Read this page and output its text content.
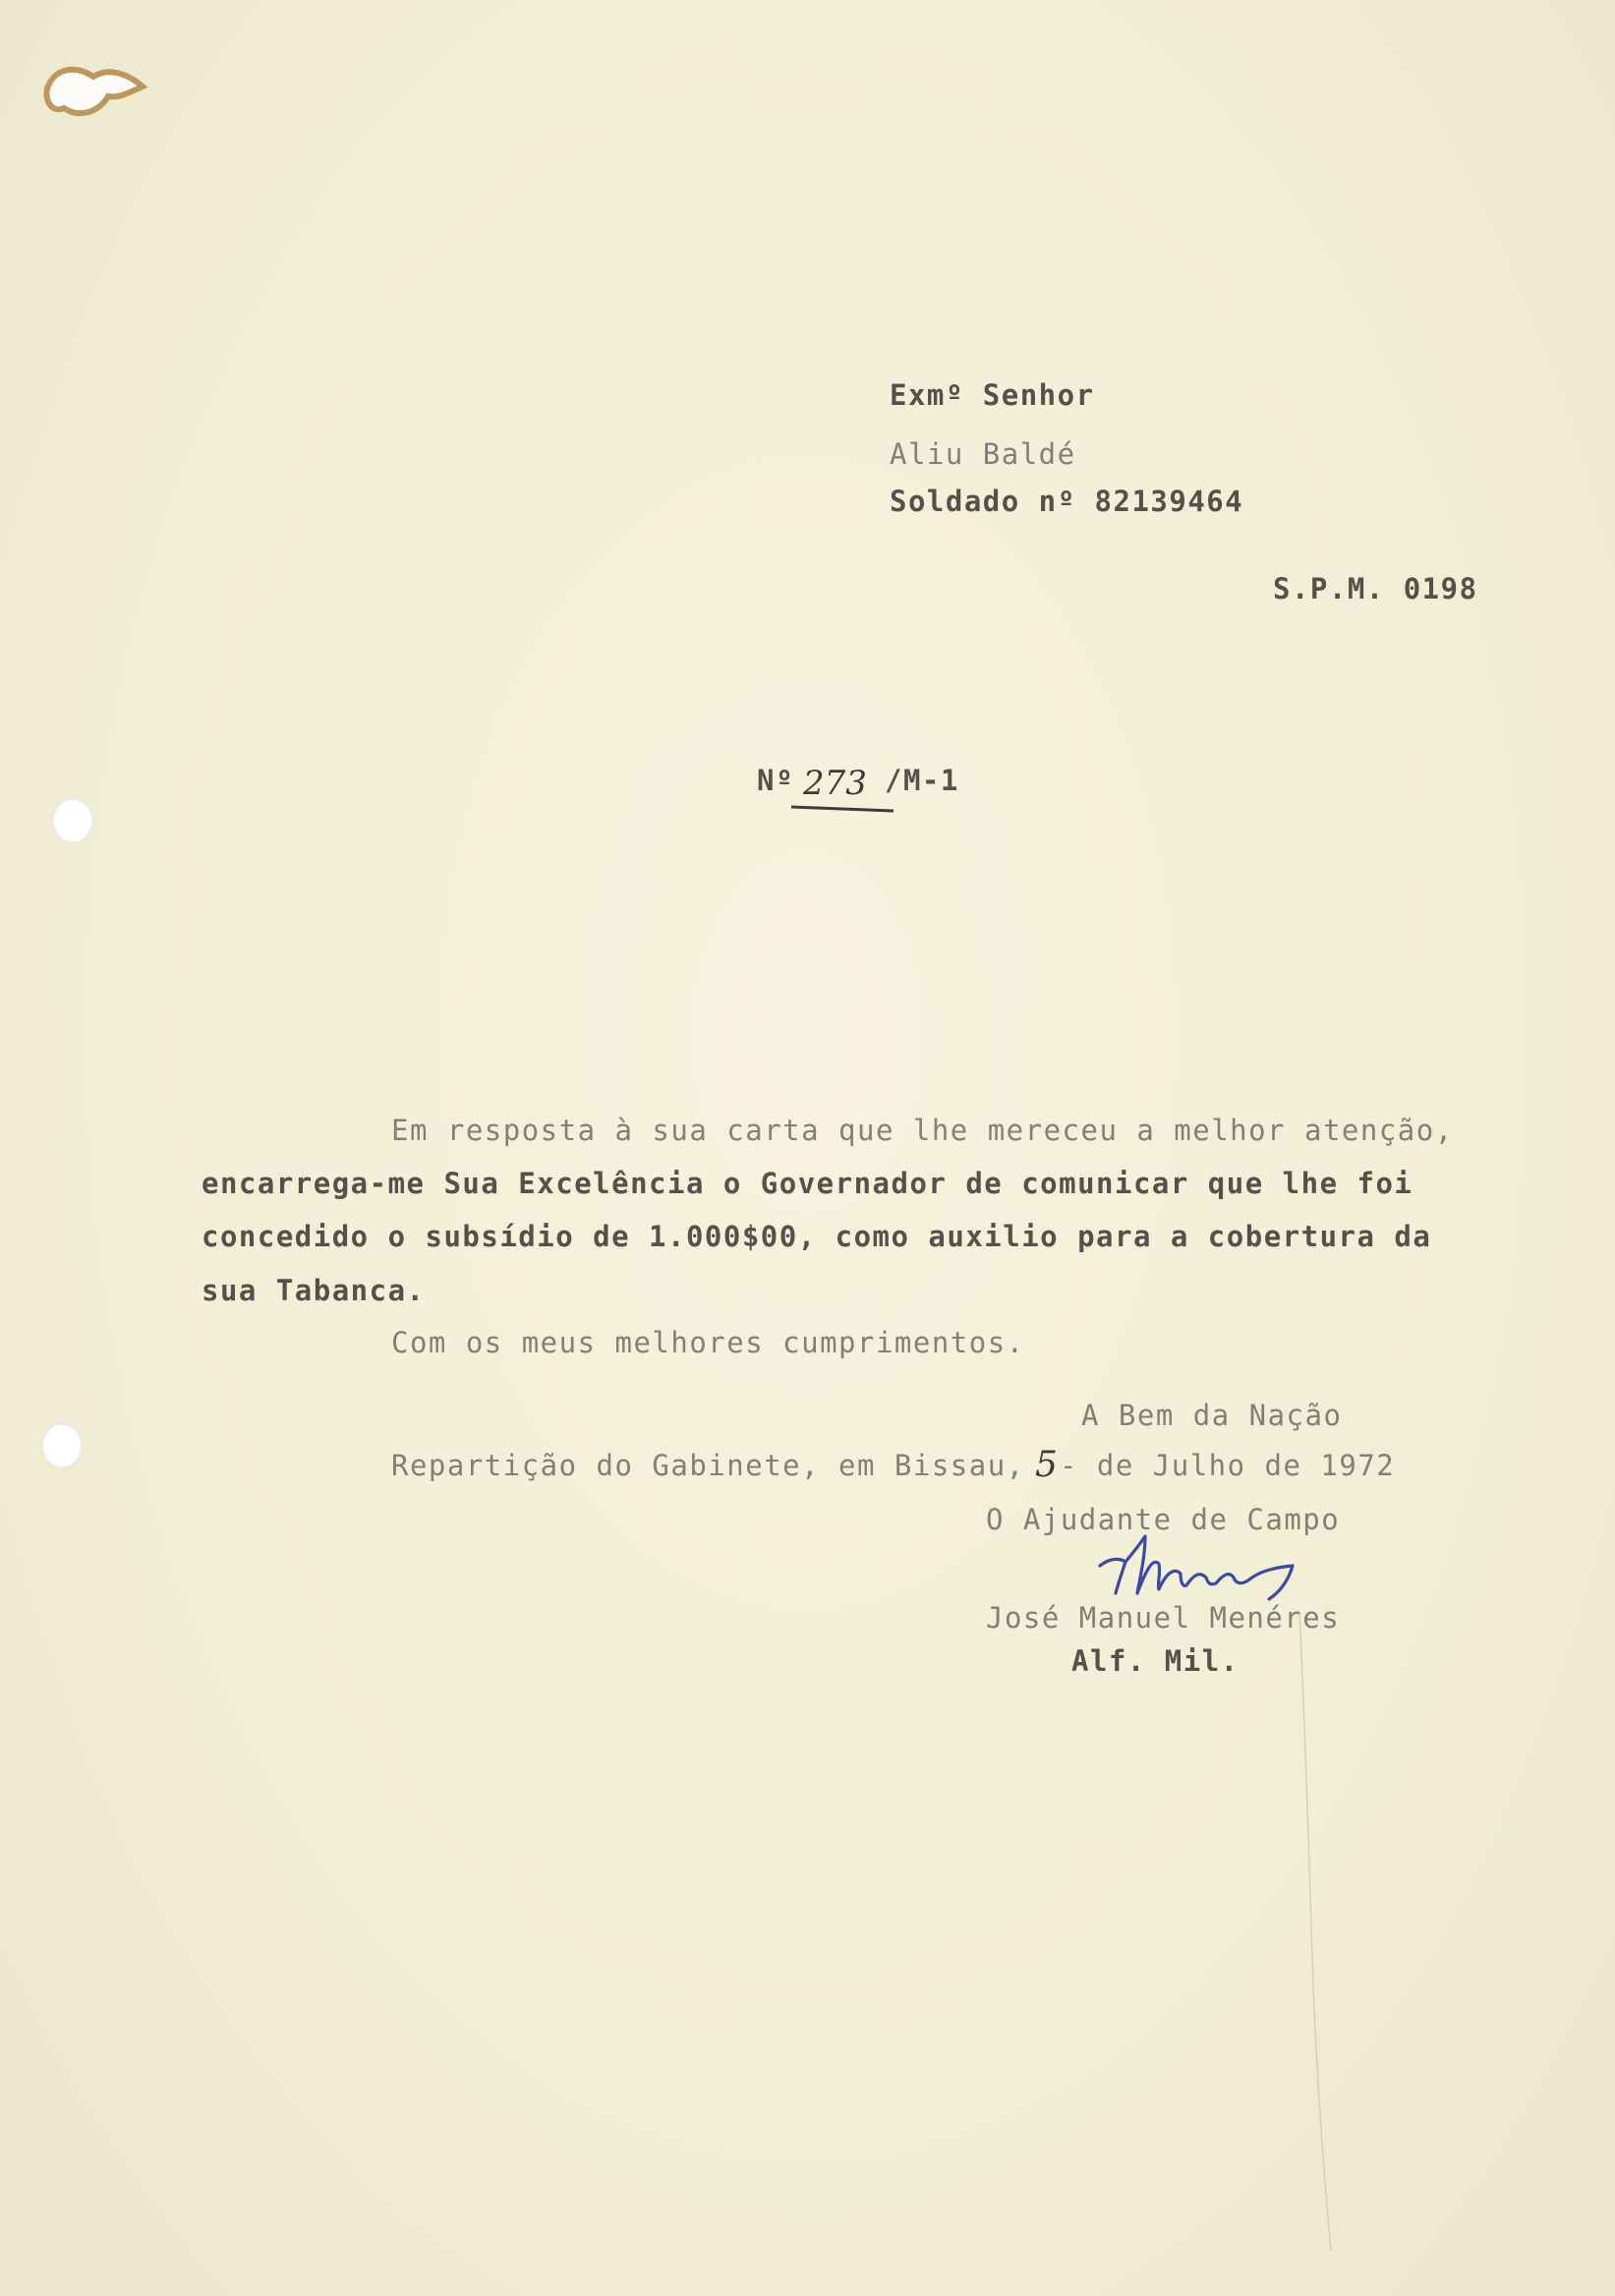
Exmº Senhor
Aliu Baldé
Soldado nº 82139464
S.P.M. 0198
Nº 273 /M-1
Em resposta à sua carta que lhe mereceu a melhor atenção,
encarrega-me Sua Excelência o Governador de comunicar que lhe foi
concedido o subsídio de 1.000$00, como auxilio para a cobertura da
sua Tabanca.
Com os meus melhores cumprimentos.
A Bem da Nação
Repartição do Gabinete, em Bissau, 5 - de Julho de 1972
O Ajudante de Campo
José Manuel Menéres
Alf. Mil.
